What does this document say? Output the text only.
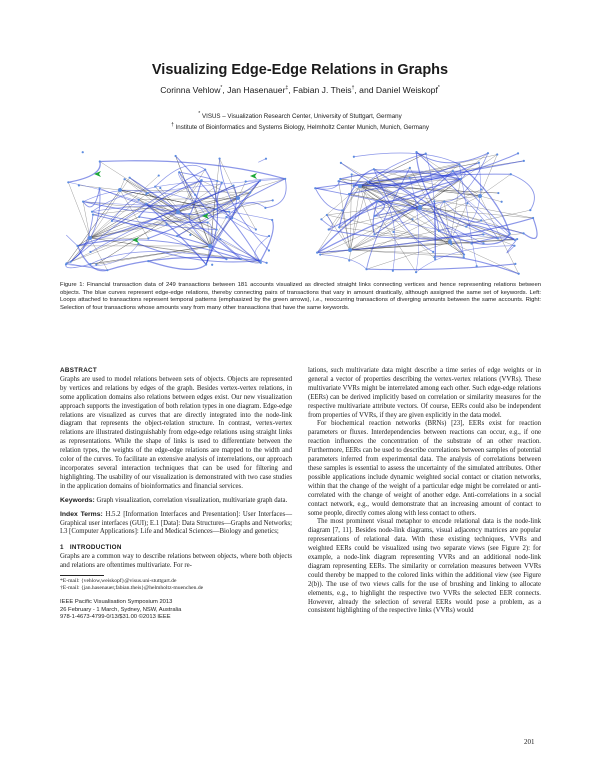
Visualizing Edge-Edge Relations in Graphs
Corinna Vehlow*, Jan Hasenauer‡, Fabian J. Theis†, and Daniel Weiskopf*
* VISUS – Visualization Research Center, University of Stuttgart, Germany
† Institute of Bioinformatics and Systems Biology, Helmholtz Center Munich, Munich, Germany
Figure 1: Financial transaction data of 249 transactions between 181 accounts visualized as directed straight links connecting vertices and hence representing relations between objects. The blue curves represent edge-edge relations, thereby connecting pairs of transactions that vary in amount drastically, although assigned the same set of keywords. Left: Loops attached to transactions represent temporal patterns (emphasized by the green arrows), i.e., reoccurring transactions of diverging amounts between the same accounts. Right: Selection of four transactions whose amounts vary from many other transactions that have the same keywords.

ABSTRACT

Graphs are used to model relations between sets of objects. Objects are represented by vertices and relations by edges of the graph. Besides vertex-vertex relations, in some application domains also relations between edges exist. Our new visualization approach supports the investigation of both relation types in one diagram. Edge-edge relations are visualized as curves that are directly integrated into the node-link diagram that represents the object-relation structure. In contrast, vertex-vertex relations are illustrated distinguishably from edge-edge relations using straight links as representations. While the shape of links is used to differentiate between the relation types, the weights of the edge-edge relations are mapped to the width and color of the curves. To facilitate an extensive analysis of interrelations, our approach incorporates several interaction techniques that can be used for filtering and highlighting. The usability of our visualization is demonstrated with two case studies in the application domains of bioinformatics and financial services.

Keywords: Graph visualization, correlation visualization, multivariate graph data.

Index Terms: H.5.2 [Information Interfaces and Presentation]: User Interfaces—Graphical user interfaces (GUI); E.1 [Data]: Data Structures—Graphs and Networks; I.3 [Computer Applications]: Life and Medical Sciences—Biology and genetics;

1 INTRODUCTION

Graphs are a common way to describe relations between objects, where both objects and relations are oftentimes multivariate. For re-

*E-mail: {vehlow,weiskopf}@visus.uni-stuttgart.de

†E-mail: {jan.hasenauer,fabian.theis}@helmholtz-muenchen.de

IEEE Pacific Visualisation Symposium 2013
26 February - 1 March, Sydney, NSW, Australia
978-1-4673-4799-0/13/$31.00 ©2013 IEEE

lations, such multivariate data might describe a time series of edge weights or in general a vector of properties describing the vertex-vertex relations (VVRs). These multivariate VVRs might be interrelated among each other. Such edge-edge relations (EERs) can be derived implicitly based on correlation or similarity measures for the respective multivariate attribute vectors. Of course, EERs could also be independent from properties of VVRs, if they are given explicitly in the data model.

For biochemical reaction networks (BRNs) [23], EERs exist for reaction parameters or fluxes. Interdependencies between reactions can occur, e.g., if one reaction influences the concentration of the substrate of an other reaction. Furthermore, EERs can be used to describe correlations between samples of potential parameters inferred from experimental data. The analysis of correlations between these samples is essential to assess the uncertainty of the simulated attributes. Other possible applications include dynamic weighted social contact or citation networks, within that the change of the weight of a particular edge might be correlated or anti-correlated with the change of weight of another edge. Anti-correlations in a social contact network, e.g., would demonstrate that an increasing amount of contact to some people, directly comes along with less contact to others.

The most prominent visual metaphor to encode relational data is the node-link diagram [7, 11]. Besides node-link diagrams, visual adjacency matrices are popular representations of relational data. With these existing techniques, VVRs and weighted EERs could be visualized using two separate views (see Figure 2): for example, a node-link diagram representing VVRs and an additional node-link diagram representing EERs. The similarity or correlation measures between VVRs could thereby be mapped to the colored links within the additional view (see Figure 2(b)). The use of two views calls for the use of brushing and linking to allocate elements, e.g., to highlight the respective two VVRs the selected EER connects. However, already the selection of several EERs would pose a problem, as a consistent highlighting of the respective links (VVRs) would

201
